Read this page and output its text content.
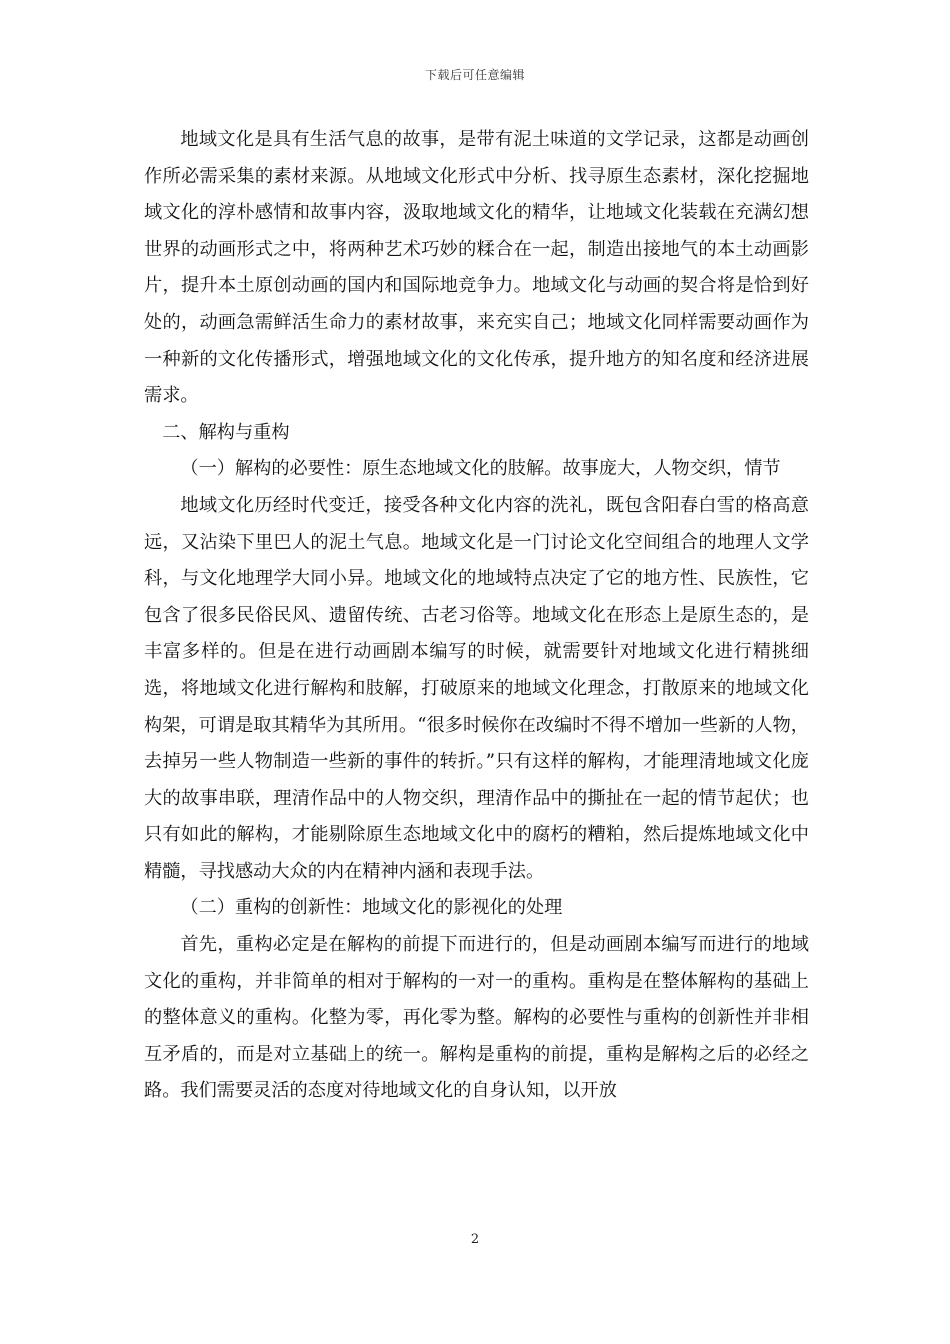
下载后可任意编辑

地域文化是具有生活气息的故事，是带有泥土味道的文学记录，这都是动画创作所必需采集的素材来源。从地域文化形式中分析、找寻原生态素材，深化挖掘地域文化的淳朴感情和故事内容，汲取地域文化的精华，让地域文化装载在充满幻想世界的动画形式之中，将两种艺术巧妙的糅合在一起，制造出接地气的本土动画影片，提升本土原创动画的国内和国际地竞争力。地域文化与动画的契合将是恰到好处的，动画急需鲜活生命力的素材故事，来充实自己；地域文化同样需要动画作为一种新的文化传播形式，增强地域文化的文化传承，提升地方的知名度和经济进展需求。

二、解构与重构

（一）解构的必要性：原生态地域文化的肢解。故事庞大，人物交织，情节

地域文化历经时代变迁，接受各种文化内容的洗礼，既包含阳春白雪的格高意远，又沾染下里巴人的泥土气息。地域文化是一门讨论文化空间组合的地理人文学科，与文化地理学大同小异。地域文化的地域特点决定了它的地方性、民族性，它包含了很多民俗民风、遗留传统、古老习俗等。地域文化在形态上是原生态的，是丰富多样的。但是在进行动画剧本编写的时候，就需要针对地域文化进行精挑细选，将地域文化进行解构和肢解，打破原来的地域文化理念，打散原来的地域文化构架，可谓是取其精华为其所用。“很多时候你在改编时不得不增加一些新的人物，去掉另一些人物制造一些新的事件的转折。”只有这样的解构，才能理清地域文化庞大的故事串联，理清作品中的人物交织，理清作品中的撕扯在一起的情节起伏；也只有如此的解构，才能剔除原生态地域文化中的腐朽的糟粕，然后提炼地域文化中精髓，寻找感动大众的内在精神内涵和表现手法。

（二）重构的创新性：地域文化的影视化的处理

首先，重构必定是在解构的前提下而进行的，但是动画剧本编写而进行的地域文化的重构，并非简单的相对于解构的一对一的重构。重构是在整体解构的基础上的整体意义的重构。化整为零，再化零为整。解构的必要性与重构的创新性并非相互矛盾的，而是对立基础上的统一。解构是重构的前提，重构是解构之后的必经之路。我们需要灵活的态度对待地域文化的自身认知，以开放

2
